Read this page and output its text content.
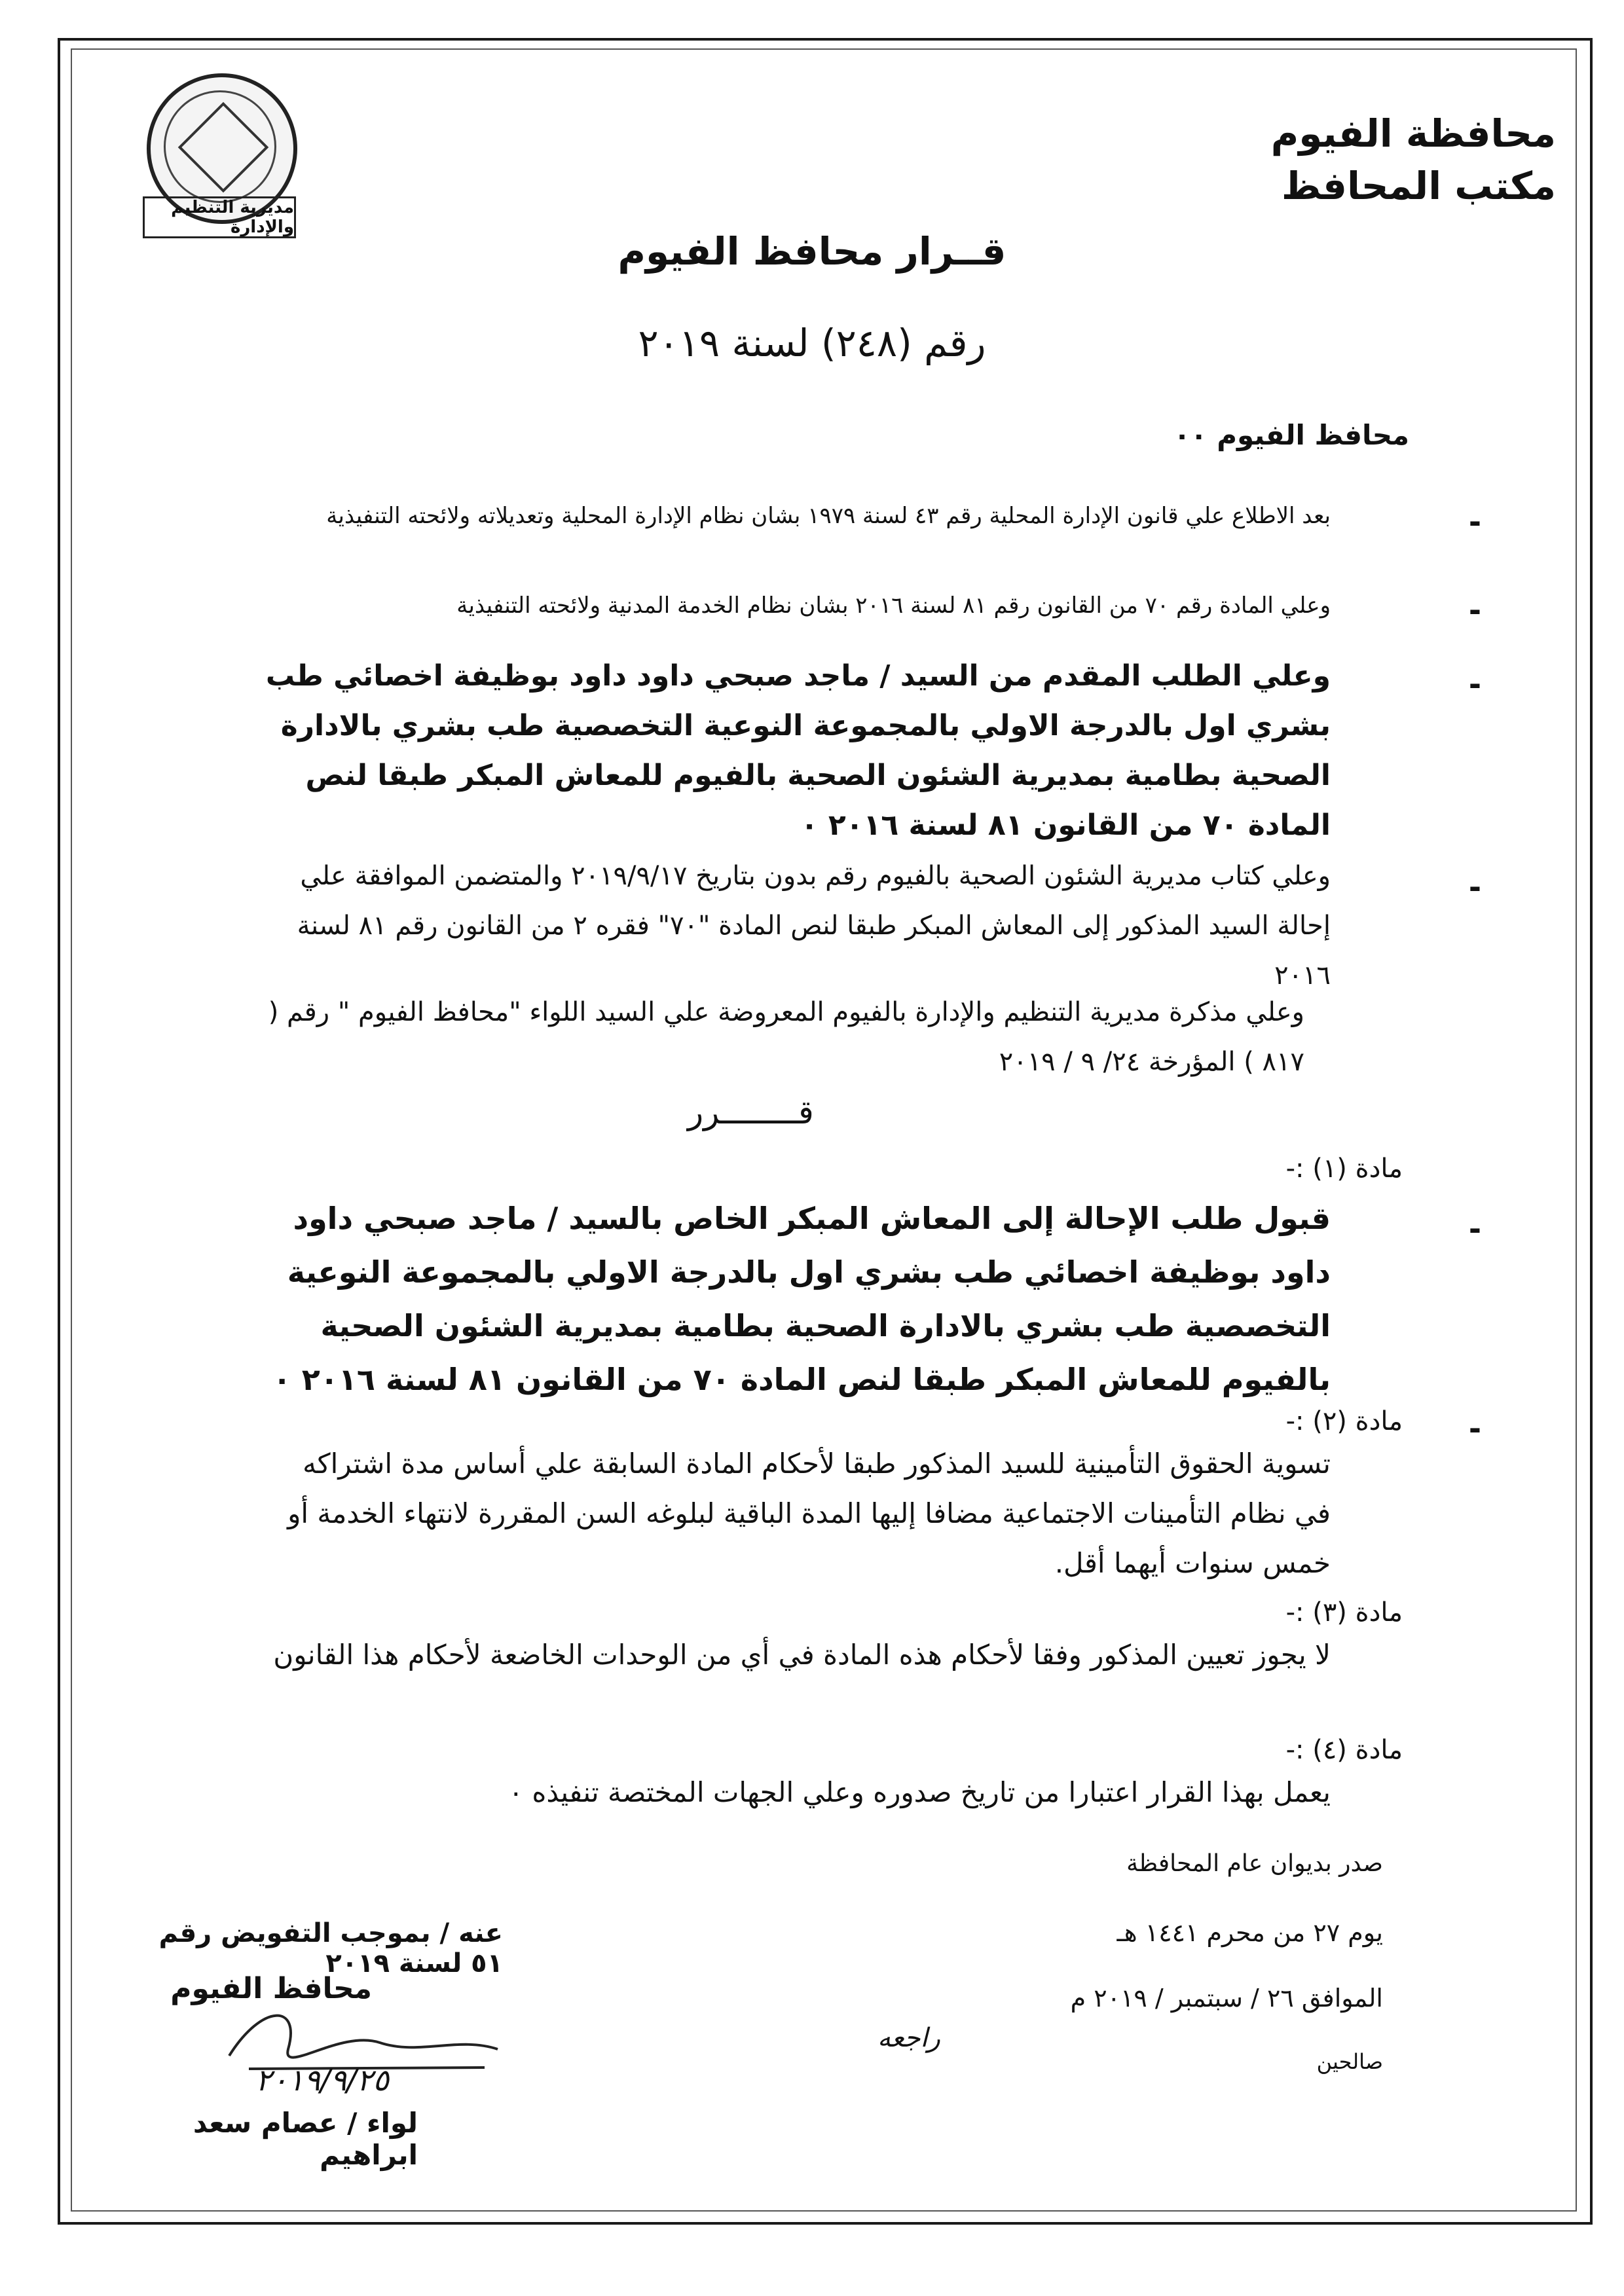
مديرية التنظيم والإدارة
محافظة الفيوم
مكتب المحافظ
قــرار محافظ الفيوم
رقم (٢٤٨) لسنة ٢٠١٩
محافظ الفيوم ٠٠
-
بعد الاطلاع علي قانون الإدارة المحلية رقم ٤٣ لسنة ١٩٧٩ بشان نظام الإدارة المحلية وتعديلاته ولائحته التنفيذية
-
وعلي المادة رقم ٧٠ من القانون رقم ٨١ لسنة ٢٠١٦ بشان نظام الخدمة المدنية ولائحته التنفيذية
-
وعلي الطلب المقدم من السيد / ماجد صبحي داود داود بوظيفة اخصائي طب بشري اول بالدرجة الاولي بالمجموعة النوعية التخصصية طب بشري بالادارة الصحية بطامية بمديرية الشئون الصحية بالفيوم للمعاش المبكر طبقا لنص المادة ٧٠ من القانون ٨١ لسنة ٢٠١٦ ٠
-
وعلي كتاب مديرية الشئون الصحية بالفيوم رقم بدون بتاريخ ٢٠١٩/٩/١٧ والمتضمن الموافقة علي إحالة السيد المذكور إلى المعاش المبكر طبقا لنص المادة "٧٠" فقره ٢ من القانون رقم ٨١ لسنة ٢٠١٦
وعلي مذكرة مديرية التنظيم والإدارة بالفيوم المعروضة علي السيد اللواء "محافظ الفيوم " رقم ( ٨١٧ ) المؤرخة ٢٤/ ٩ / ٢٠١٩
قــــــــرر
مادة (١) :-
-
قبول طلب الإحالة إلى المعاش المبكر الخاص بالسيد / ماجد صبحي داود داود بوظيفة اخصائي طب بشري اول بالدرجة الاولي بالمجموعة النوعية التخصصية طب بشري بالادارة الصحية بطامية بمديرية الشئون الصحية بالفيوم للمعاش المبكر طبقا لنص المادة ٧٠ من القانون ٨١ لسنة ٢٠١٦ ٠
-
مادة (٢) :-
تسوية الحقوق التأمينية للسيد المذكور طبقا لأحكام المادة السابقة علي أساس مدة اشتراكه في نظام التأمينات الاجتماعية مضافا إليها المدة الباقية لبلوغه السن المقررة لانتهاء الخدمة أو خمس سنوات أيهما أقل.
مادة (٣) :-
لا يجوز تعيين المذكور وفقا لأحكام هذه المادة في أي من الوحدات الخاضعة لأحكام هذا القانون
مادة (٤) :-
يعمل بهذا القرار اعتبارا من تاريخ صدوره وعلي الجهات المختصة تنفيذه ٠
صدر بديوان عام المحافظة
يوم ٢٧ من محرم ١٤٤١ هـ
الموافق ٢٦ / سبتمبر / ٢٠١٩ م
صالحين
راجعه
عنه / بموجب التفويض رقم ٥١ لسنة ٢٠١٩
محافظ الفيوم
٢٠١٩/٩/٢٥
لواء / عصام سعد ابراهيم
